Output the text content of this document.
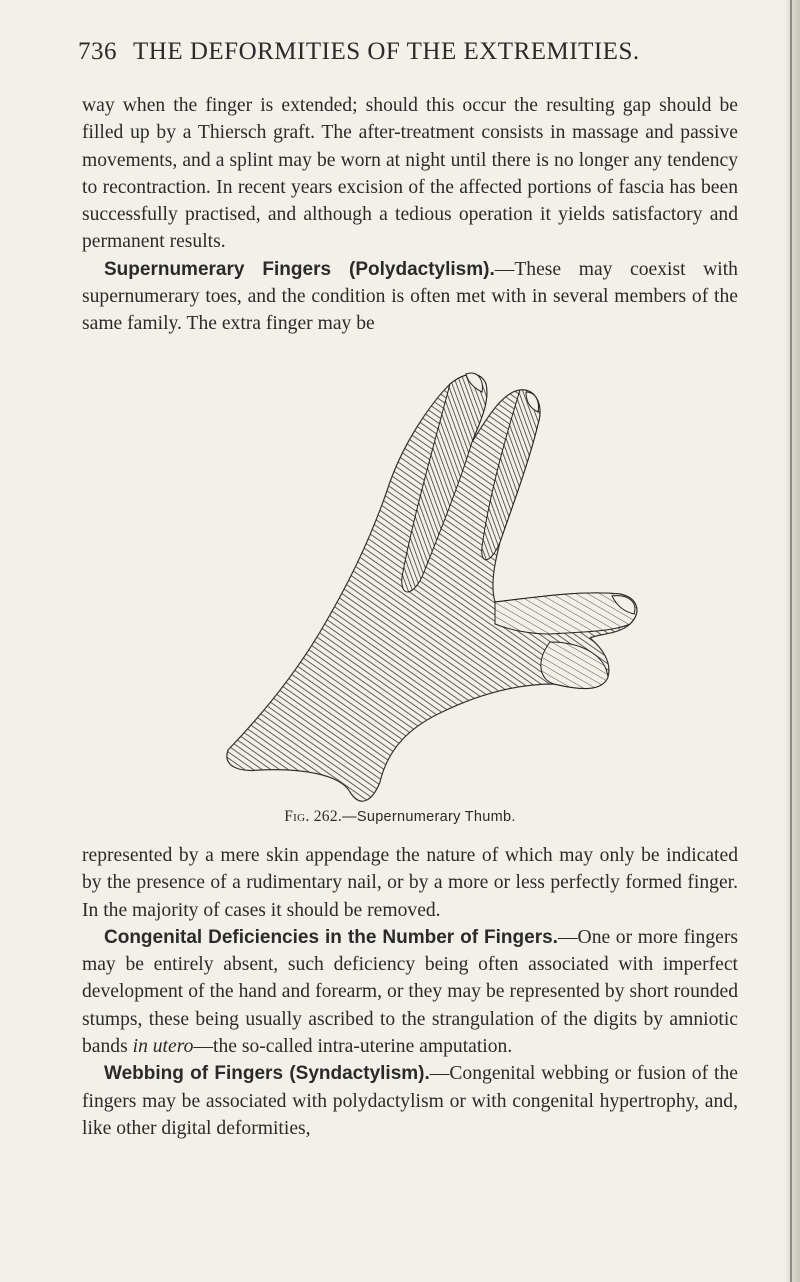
736 THE DEFORMITIES OF THE EXTREMITIES.

way when the finger is extended; should this occur the resulting gap should be filled up by a Thiersch graft. The after-treatment consists in massage and passive movements, and a splint may be worn at night until there is no longer any tendency to recontraction. In recent years excision of the affected portions of fascia has been successfully practised, and although a tedious operation it yields satisfactory and permanent results.

Supernumerary Fingers (Polydactylism).—These may coexist with supernumerary toes, and the condition is often met with in several members of the same family. The extra finger may be

Fig. 262.—Supernumerary Thumb.

represented by a mere skin appendage the nature of which may only be indicated by the presence of a rudimentary nail, or by a more or less perfectly formed finger. In the majority of cases it should be removed.

Congenital Deficiencies in the Number of Fingers.—One or more fingers may be entirely absent, such deficiency being often associated with imperfect development of the hand and forearm, or they may be represented by short rounded stumps, these being usually ascribed to the strangulation of the digits by amniotic bands in utero—the so-called intra-uterine amputation.

Webbing of Fingers (Syndactylism).—Congenital webbing or fusion of the fingers may be associated with polydactylism or with congenital hypertrophy, and, like other digital deformities,
